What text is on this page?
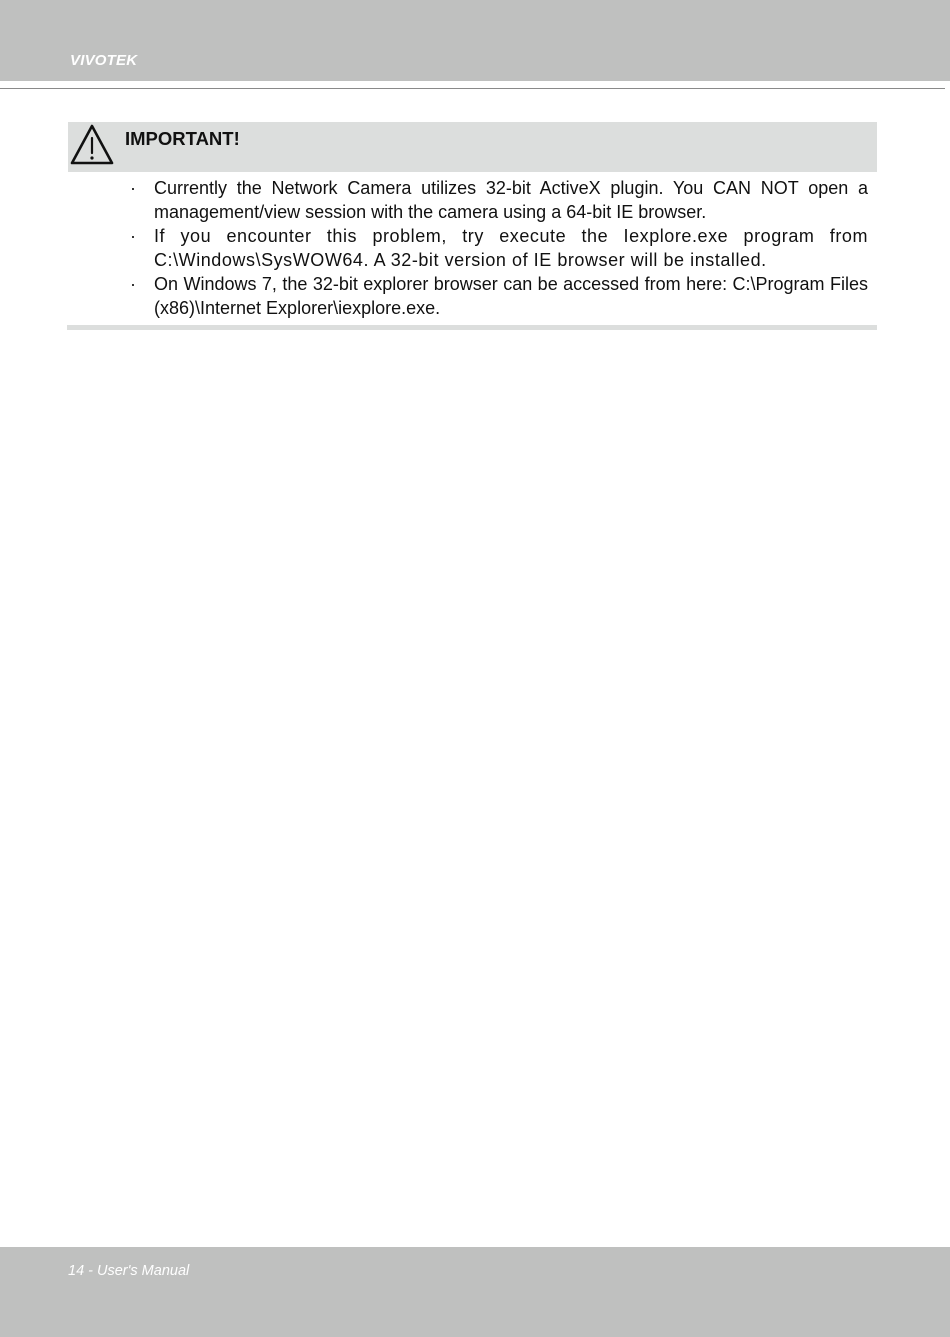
VIVOTEK
IMPORTANT!
· Currently the Network Camera utilizes 32-bit ActiveX plugin. You CAN NOT open a management/view session with the camera using a 64-bit IE browser.
· If you encounter this problem, try execute the Iexplore.exe program from C:\Windows\SysWOW64. A 32-bit version of IE browser will be installed.
· On Windows 7, the 32-bit explorer browser can be accessed from here: C:\Program Files (x86)\Internet Explorer\iexplore.exe.
14 - User's Manual
